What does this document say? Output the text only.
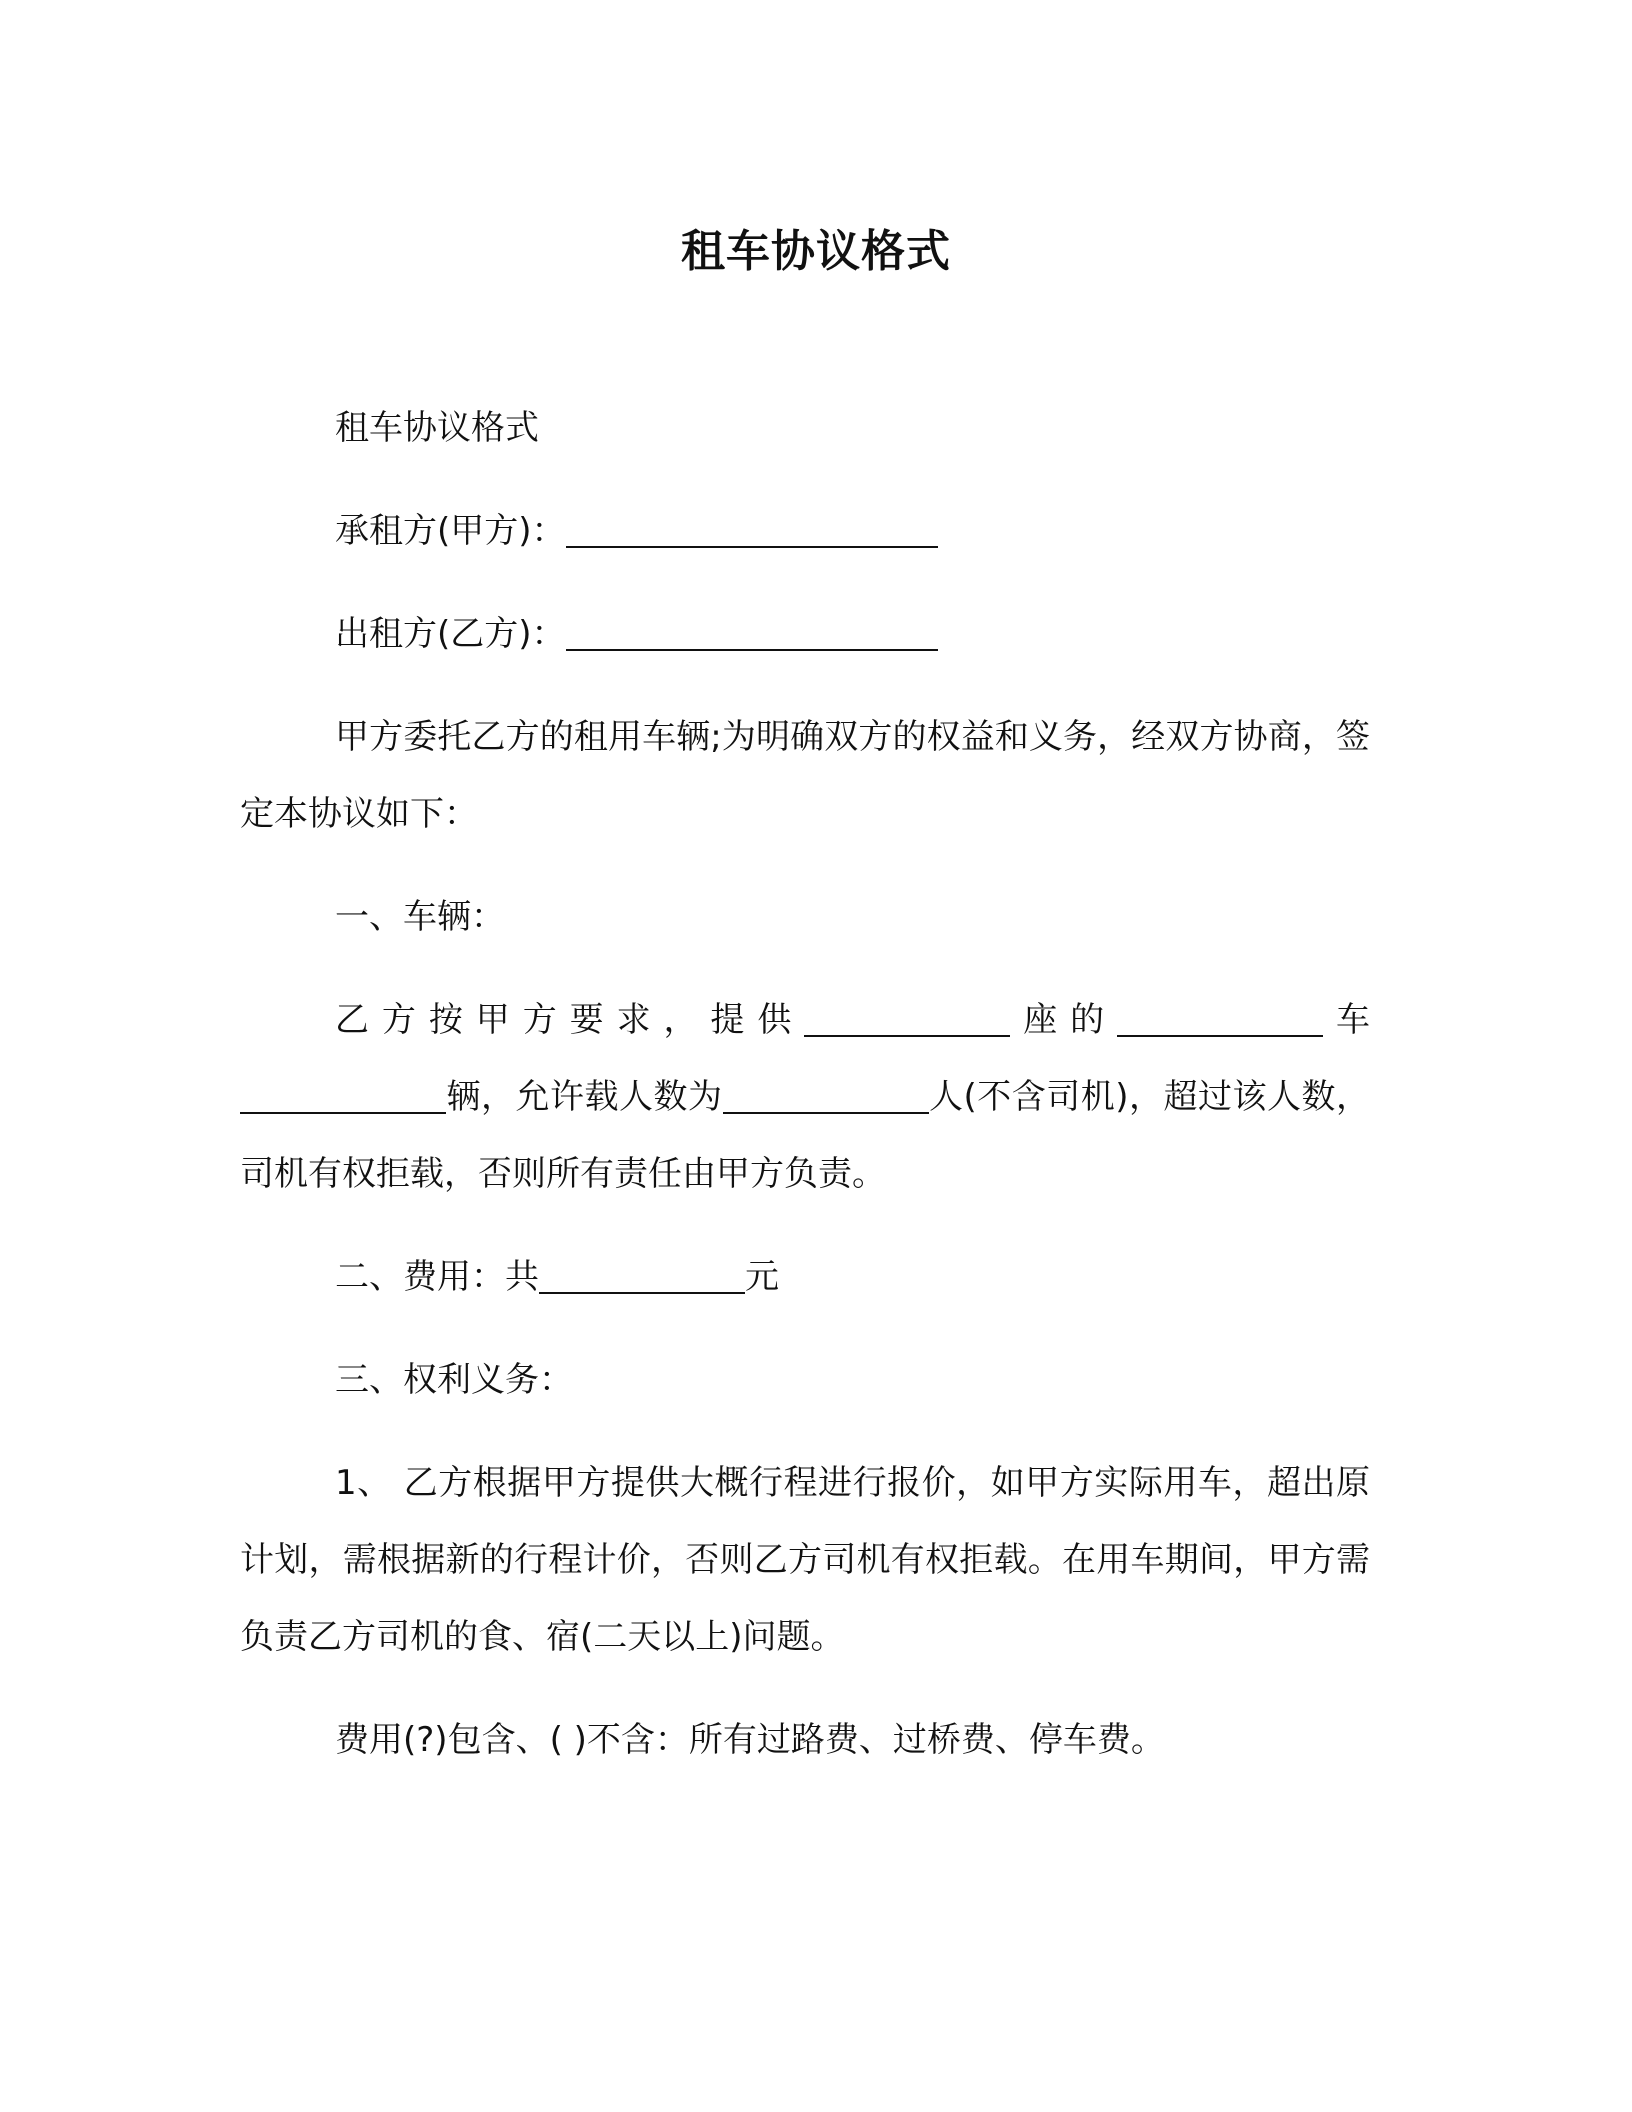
租车协议格式

租车协议格式

承租方(甲方)：

出租方(乙方)：

甲方委托乙方的租用车辆;为明确双方的权益和义务，经双方协商，签定本协议如下：

一、车辆：

乙方按甲方要求，提供	座的	车辆，允许载人数为	人(不含司机)，超过该人数，司机有权拒载，否则所有责任由甲方负责。

二、费用：共	元

三、权利义务：

1、 乙方根据甲方提供大概行程进行报价，如甲方实际用车，超出原计划，需根据新的行程计价，否则乙方司机有权拒载。在用车期间，甲方需负责乙方司机的食、宿(二天以上)问题。

费用(?)包含、( )不含：所有过路费、过桥费、停车费。
